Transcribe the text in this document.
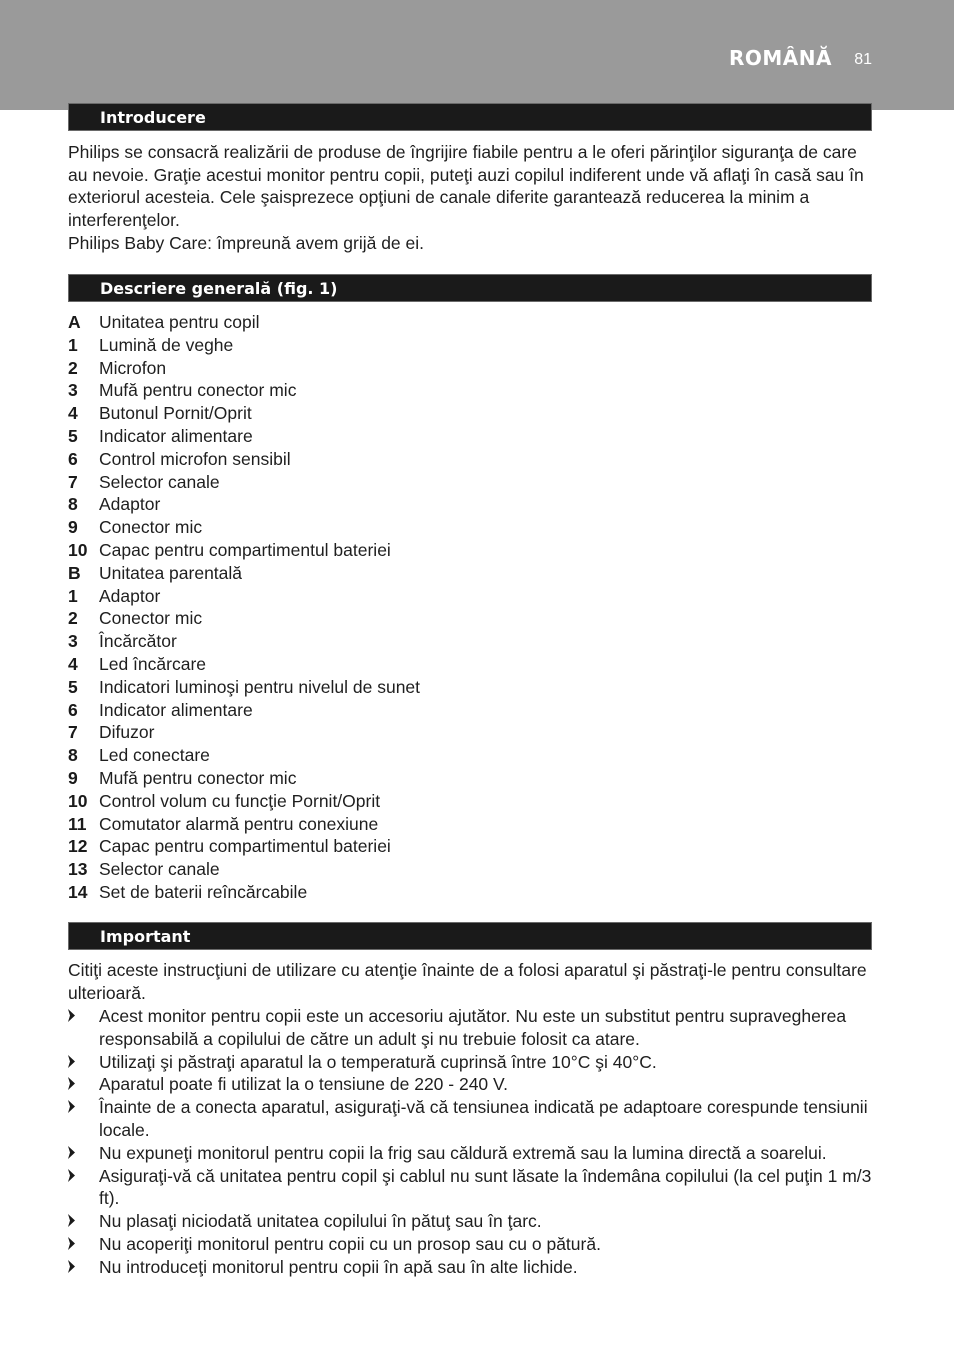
ROMÂNĂ 81
Introducere

Philips se consacră realizării de produse de îngrijire fiabile pentru a le oferi părinţilor siguranţa de care au nevoie. Graţie acestui monitor pentru copii, puteţi auzi copilul indiferent unde vă aflaţi în casă sau în exteriorul acesteia. Cele şaisprezece opţiuni de canale diferite garantează reducerea la minim a interferenţelor.

Philips Baby Care: împreună avem grijă de ei.

Descriere generală (fig. 1)
A Unitatea pentru copil
1 Lumină de veghe
2 Microfon
3 Mufă pentru conector mic
4 Butonul Pornit/Oprit
5 Indicator alimentare
6 Control microfon sensibil
7 Selector canale
8 Adaptor
9 Conector mic
10 Capac pentru compartimentul bateriei
B Unitatea parentală
1 Adaptor
2 Conector mic
3 Încărcător
4 Led încărcare
5 Indicatori luminoşi pentru nivelul de sunet
6 Indicator alimentare
7 Difuzor
8 Led conectare
9 Mufă pentru conector mic
10 Control volum cu funcţie Pornit/Oprit
11 Comutator alarmă pentru conexiune
12 Capac pentru compartimentul bateriei
13 Selector canale
14 Set de baterii reîncărcabile
Important
Citiţi aceste instrucţiuni de utilizare cu atenţie înainte de a folosi aparatul şi păstraţi-le pentru consultare ulterioară.
Acest monitor pentru copii este un accesoriu ajutător. Nu este un substitut pentru supravegherea responsabilă a copilului de către un adult şi nu trebuie folosit ca atare.
Utilizaţi şi păstraţi aparatul la o temperatură cuprinsă între 10°C şi 40°C.
Aparatul poate fi utilizat la o tensiune de 220 - 240 V.
Înainte de a conecta aparatul, asiguraţi-vă că tensiunea indicată pe adaptoare corespunde tensiunii locale.
Nu expuneţi monitorul pentru copii la frig sau căldură extremă sau la lumina directă a soarelui.
Asiguraţi-vă că unitatea pentru copil şi cablul nu sunt lăsate la îndemâna copilului (la cel puţin 1 m/3 ft).
Nu plasaţi niciodată unitatea copilului în pătuţ sau în ţarc.
Nu acoperiţi monitorul pentru copii cu un prosop sau cu o pătură.
Nu introduceţi monitorul pentru copii în apă sau în alte lichide.
